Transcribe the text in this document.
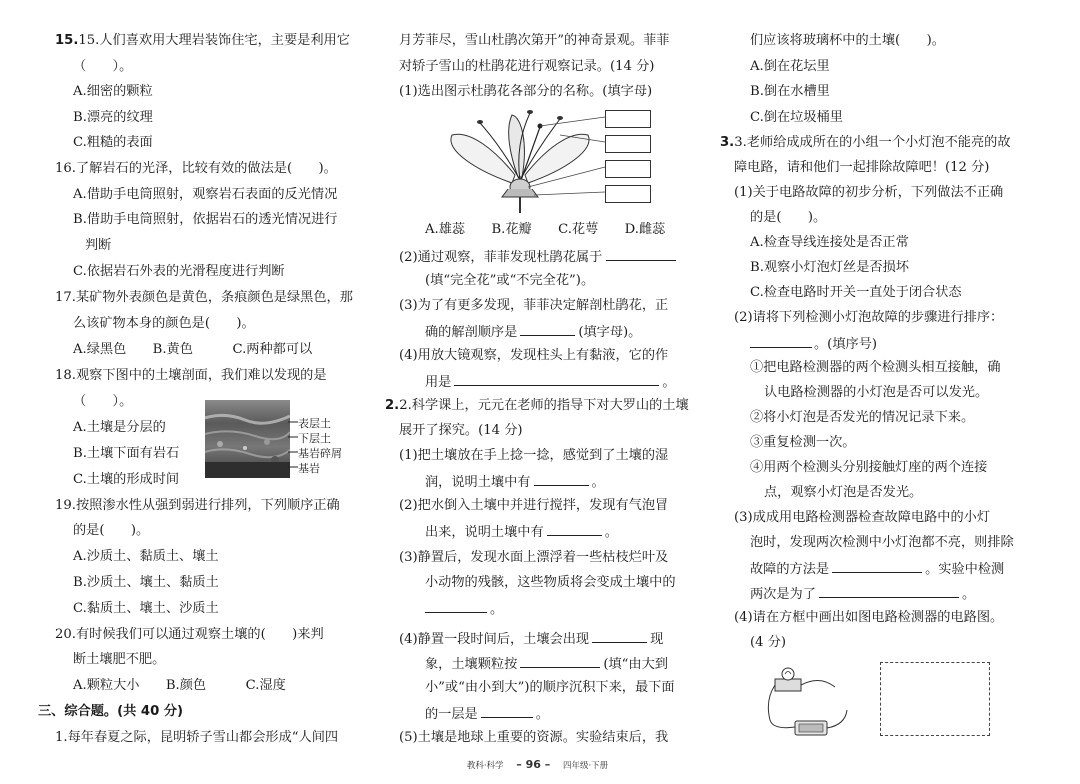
15.15.人们喜欢用大理岩装饰住宅，主要是利用它
（　　）。
A.细密的颗粒
B.漂亮的纹理
C.粗糙的表面
16.了解岩石的光泽，比较有效的做法是(　　)。
A.借助手电筒照射，观察岩石表面的反光情况
B.借助手电筒照射，依据岩石的透光情况进行
判断
C.依据岩石外表的光滑程度进行判断
17.某矿物外表颜色是黄色，条痕颜色是绿黑色，那
么该矿物本身的颜色是(　　)。
A.绿黑色　　B.黄色　　　C.两种都可以
18.观察下图中的土壤剖面，我们难以发现的是
（　　）。
A.土壤是分层的
B.土壤下面有岩石
C.土壤的形成时间
19.按照渗水性从强到弱进行排列，下列顺序正确
的是(　　)。
A.沙质土、黏质土、壤土
B.沙质土、壤土、黏质土
C.黏质土、壤土、沙质土
20.有时候我们可以通过观察土壤的(　　)来判
断土壤肥不肥。
A.颗粒大小　　B.颜色　　　C.湿度
三、综合题。(共 40 分)
1.每年春夏之际，昆明轿子雪山都会形成“人间四
表层土
下层土
基岩碎屑
基岩
月芳菲尽，雪山杜鹃次第开”的神奇景观。菲菲
对轿子雪山的杜鹃花进行观察记录。(14 分)
(1)选出图示杜鹃花各部分的名称。(填字母)
A.雄蕊　　B.花瓣　　C.花萼　　D.雌蕊
(2)通过观察，菲菲发现杜鹃花属于
(填“完全花”或“不完全花”)。
(3)为了有更多发现，菲菲决定解剖杜鹃花，正
确的解剖顺序是	(填字母)。
(4)用放大镜观察，发现柱头上有黏液，它的作
用是	。
2.2.科学课上，元元在老师的指导下对大罗山的土壤
展开了探究。(14 分)
(1)把土壤放在手上捻一捻，感觉到了土壤的湿
润，说明土壤中有	。
(2)把水倒入土壤中并进行搅拌，发现有气泡冒
出来，说明土壤中有	。
(3)静置后，发现水面上漂浮着一些枯枝烂叶及
小动物的残骸，这些物质将会变成土壤中的
。
(4)静置一段时间后，土壤会出现	现
象，土壤颗粒按	(填“由大到
小”或“由小到大”)的顺序沉积下来，最下面
的一层是	。
(5)土壤是地球上重要的资源。实验结束后，我
们应该将玻璃杯中的土壤(　　)。
A.倒在花坛里
B.倒在水槽里
C.倒在垃圾桶里
3.3.老师给成成所在的小组一个小灯泡不能亮的故
障电路，请和他们一起排除故障吧！(12 分)
(1)关于电路故障的初步分析，下列做法不正确
的是(　　)。
A.检查导线连接处是否正常
B.观察小灯泡灯丝是否损坏
C.检查电路时开关一直处于闭合状态
(2)请将下列检测小灯泡故障的步骤进行排序：
。(填序号)
①把电路检测器的两个检测头相互接触，确
认电路检测器的小灯泡是否可以发光。
②将小灯泡是否发光的情况记录下来。
③重复检测一次。
④用两个检测头分别接触灯座的两个连接
点，观察小灯泡是否发光。
(3)成成用电路检测器检查故障电路中的小灯
泡时，发现两次检测中小灯泡都不亮，则排除
故障的方法是	。实验中检测
两次是为了	。
(4)请在方框中画出如图电路检测器的电路图。
(4 分)
教科·科学 – 96 – 四年级·下册
